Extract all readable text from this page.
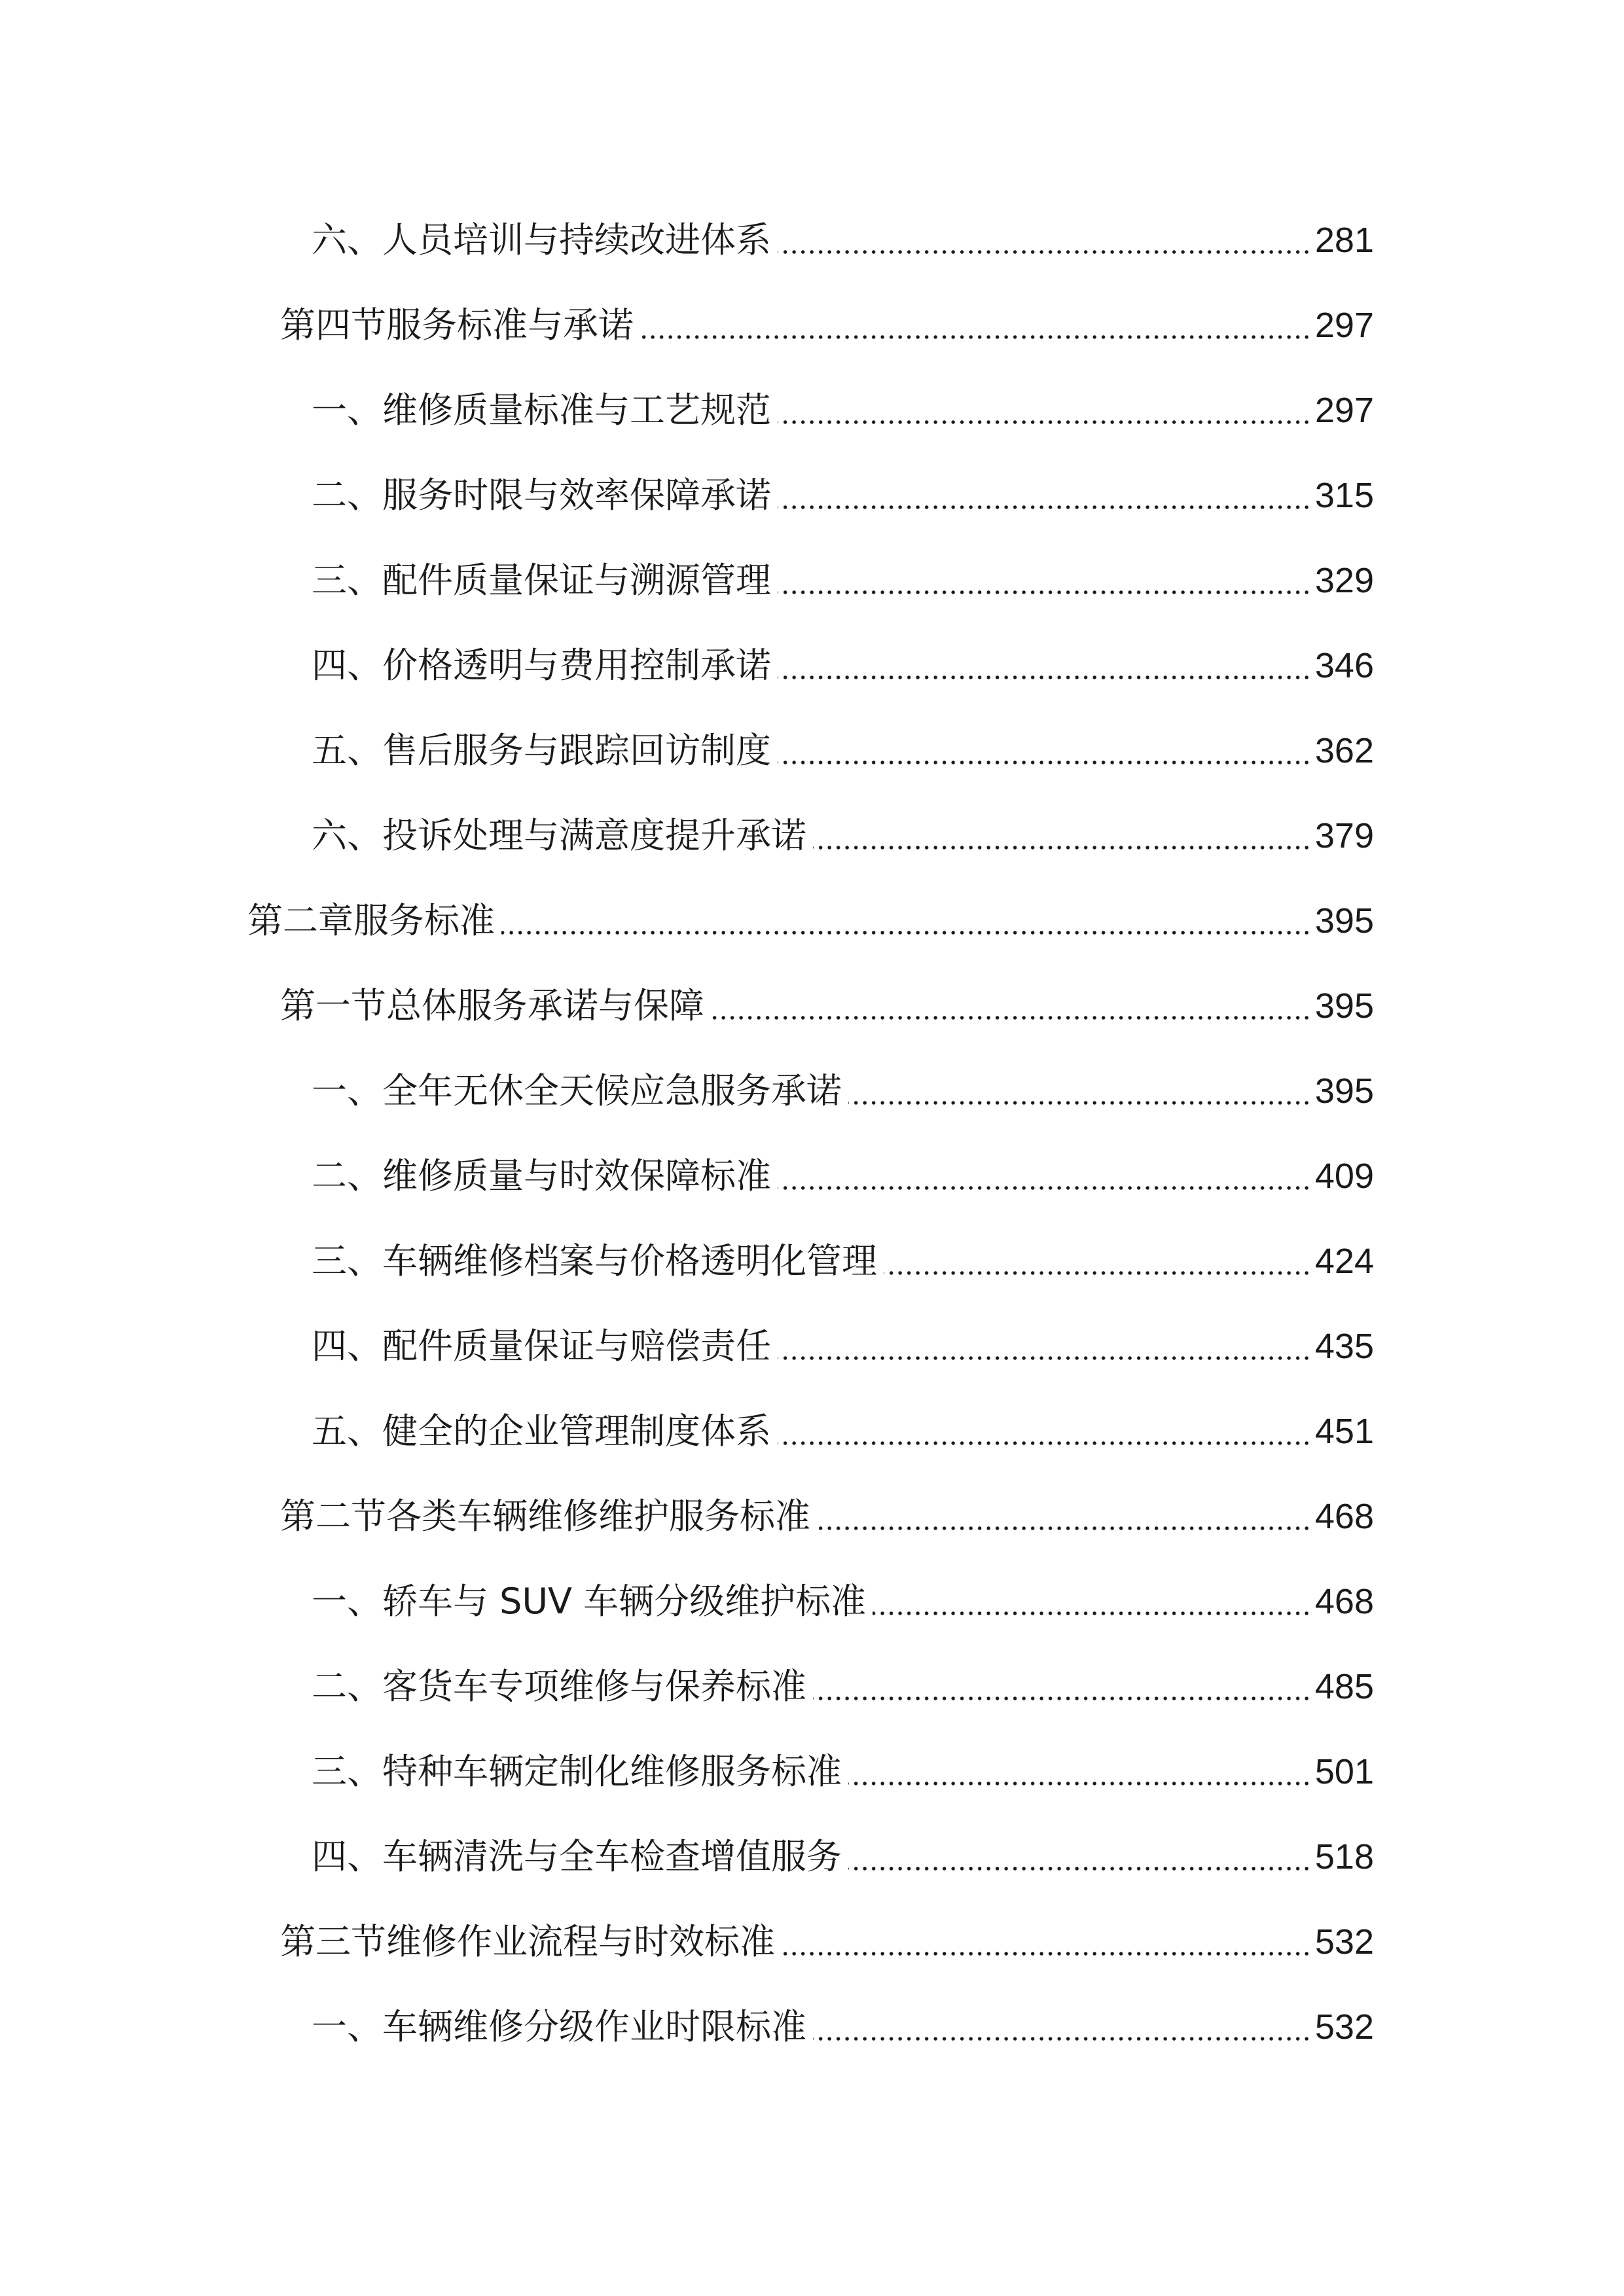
六、人员培训与持续改进体系	281
第四节服务标准与承诺	297
一、维修质量标准与工艺规范	297
二、服务时限与效率保障承诺	315
三、配件质量保证与溯源管理	329
四、价格透明与费用控制承诺	346
五、售后服务与跟踪回访制度	362
六、投诉处理与满意度提升承诺	379
第二章服务标准	395
第一节总体服务承诺与保障	395
一、全年无休全天候应急服务承诺	395
二、维修质量与时效保障标准	409
三、车辆维修档案与价格透明化管理	424
四、配件质量保证与赔偿责任	435
五、健全的企业管理制度体系	451
第二节各类车辆维修维护服务标准	468
一、轿车与 SUV 车辆分级维护标准	468
二、客货车专项维修与保养标准	485
三、特种车辆定制化维修服务标准	501
四、车辆清洗与全车检查增值服务	518
第三节维修作业流程与时效标准	532
一、车辆维修分级作业时限标准	532
